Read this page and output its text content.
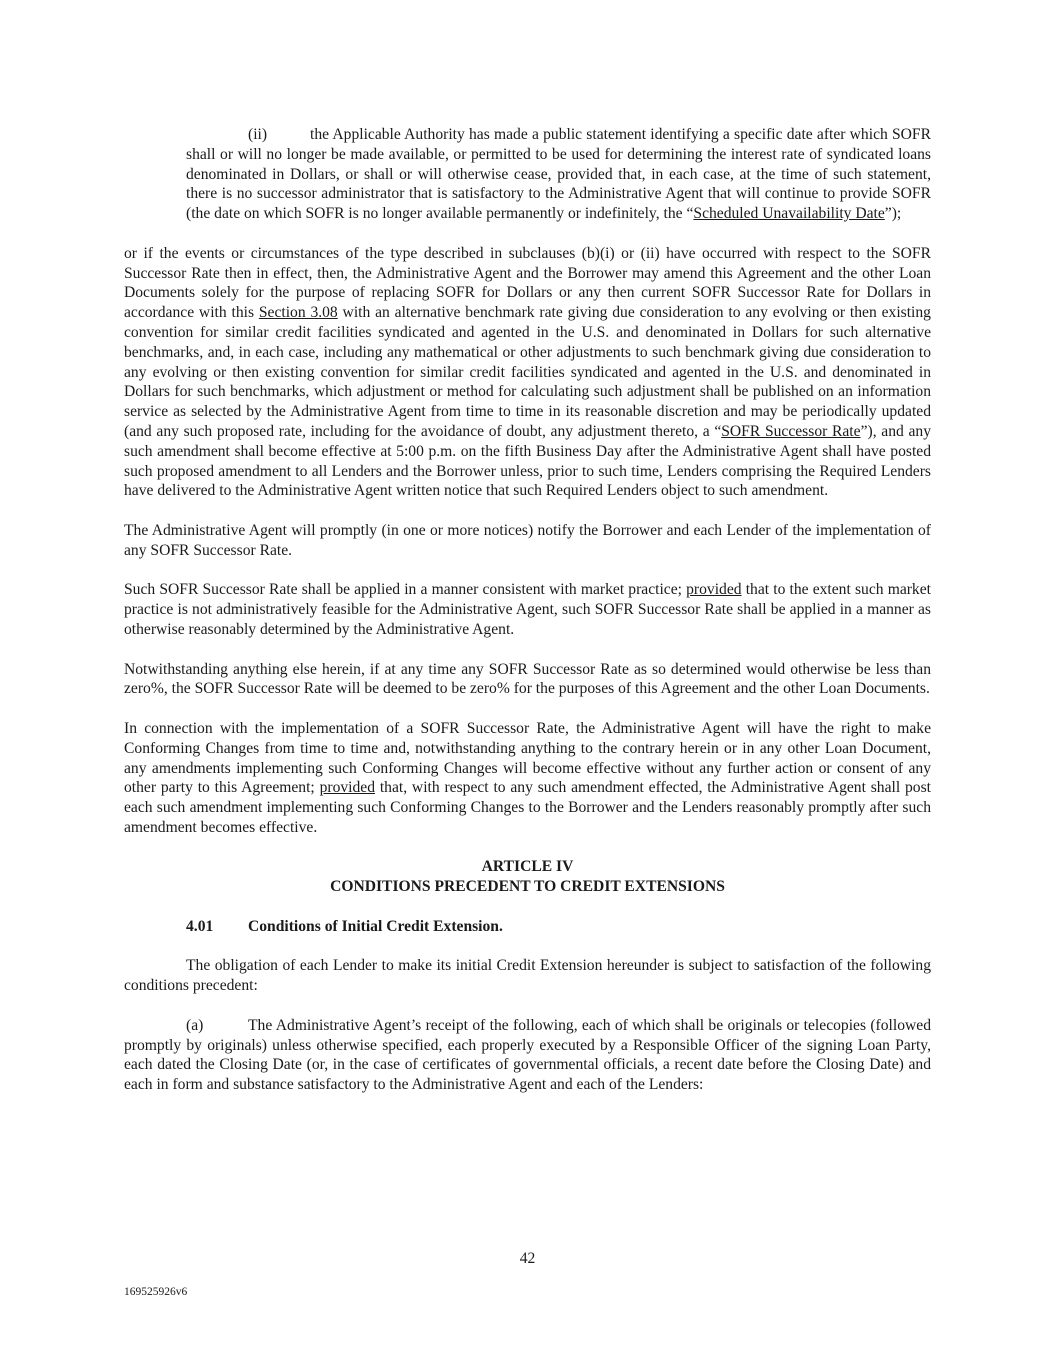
(ii)	the Applicable Authority has made a public statement identifying a specific date after which SOFR shall or will no longer be made available, or permitted to be used for determining the interest rate of syndicated loans denominated in Dollars, or shall or will otherwise cease, provided that, in each case, at the time of such statement, there is no successor administrator that is satisfactory to the Administrative Agent that will continue to provide SOFR (the date on which SOFR is no longer available permanently or indefinitely, the “Scheduled Unavailability Date”);

or if the events or circumstances of the type described in subclauses (b)(i) or (ii) have occurred with respect to the SOFR Successor Rate then in effect, then, the Administrative Agent and the Borrower may amend this Agreement and the other Loan Documents solely for the purpose of replacing SOFR for Dollars or any then current SOFR Successor Rate for Dollars in accordance with this Section 3.08 with an alternative benchmark rate giving due consideration to any evolving or then existing convention for similar credit facilities syndicated and agented in the U.S. and denominated in Dollars for such alternative benchmarks, and, in each case, including any mathematical or other adjustments to such benchmark giving due consideration to any evolving or then existing convention for similar credit facilities syndicated and agented in the U.S. and denominated in Dollars for such benchmarks, which adjustment or method for calculating such adjustment shall be published on an information service as selected by the Administrative Agent from time to time in its reasonable discretion and may be periodically updated (and any such proposed rate, including for the avoidance of doubt, any adjustment thereto, a “SOFR Successor Rate”), and any such amendment shall become effective at 5:00 p.m. on the fifth Business Day after the Administrative Agent shall have posted such proposed amendment to all Lenders and the Borrower unless, prior to such time, Lenders comprising the Required Lenders have delivered to the Administrative Agent written notice that such Required Lenders object to such amendment.

The Administrative Agent will promptly (in one or more notices) notify the Borrower and each Lender of the implementation of any SOFR Successor Rate.

Such SOFR Successor Rate shall be applied in a manner consistent with market practice; provided that to the extent such market practice is not administratively feasible for the Administrative Agent, such SOFR Successor Rate shall be applied in a manner as otherwise reasonably determined by the Administrative Agent.

Notwithstanding anything else herein, if at any time any SOFR Successor Rate as so determined would otherwise be less than zero%, the SOFR Successor Rate will be deemed to be zero% for the purposes of this Agreement and the other Loan Documents.

In connection with the implementation of a SOFR Successor Rate, the Administrative Agent will have the right to make Conforming Changes from time to time and, notwithstanding anything to the contrary herein or in any other Loan Document, any amendments implementing such Conforming Changes will become effective without any further action or consent of any other party to this Agreement; provided that, with respect to any such amendment effected, the Administrative Agent shall post each such amendment implementing such Conforming Changes to the Borrower and the Lenders reasonably promptly after such amendment becomes effective.

ARTICLE IV
CONDITIONS PRECEDENT TO CREDIT EXTENSIONS
4.01 Conditions of Initial Credit Extension.

The obligation of each Lender to make its initial Credit Extension hereunder is subject to satisfaction of the following conditions precedent:

(a)	The Administrative Agent’s receipt of the following, each of which shall be originals or telecopies (followed promptly by originals) unless otherwise specified, each properly executed by a Responsible Officer of the signing Loan Party, each dated the Closing Date (or, in the case of certificates of governmental officials, a recent date before the Closing Date) and each in form and substance satisfactory to the Administrative Agent and each of the Lenders:

42
169525926v6
